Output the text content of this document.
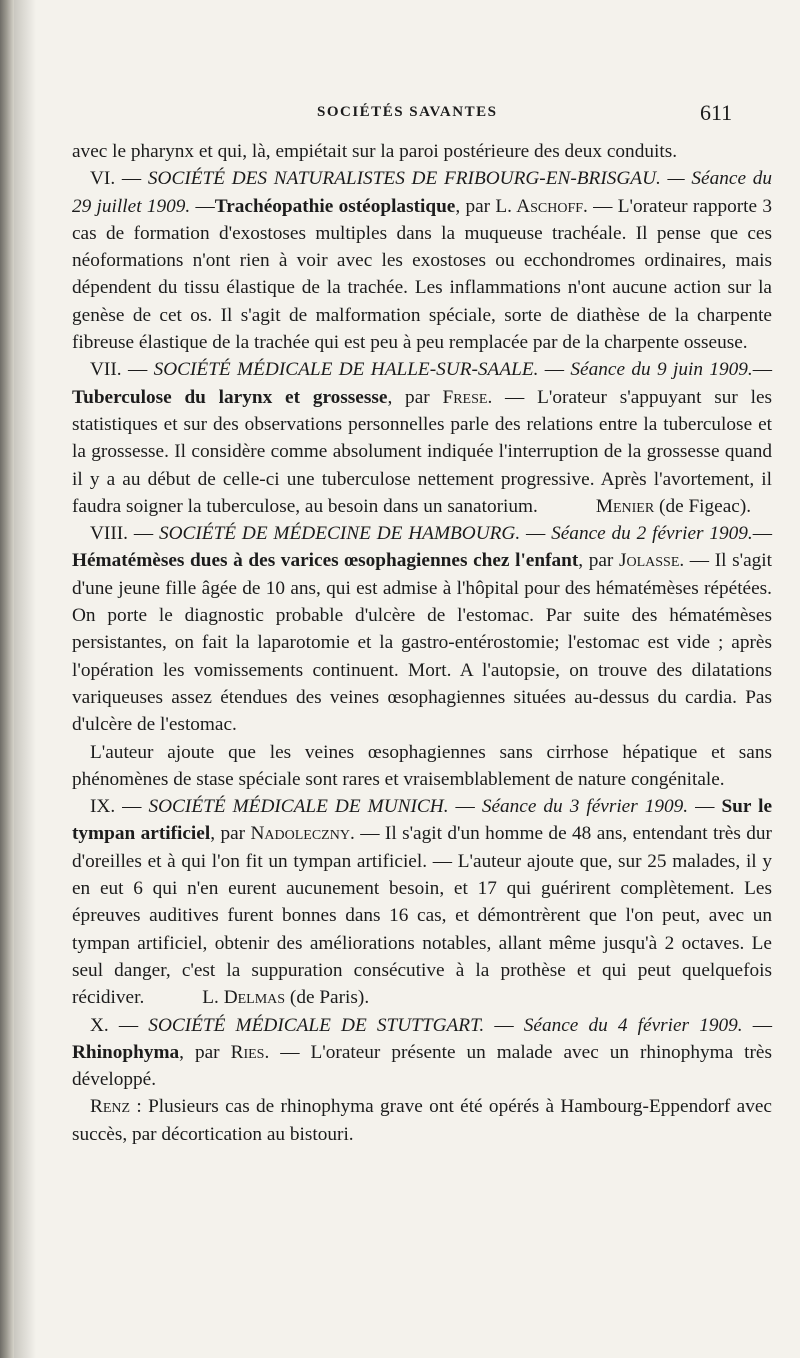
SOCIÉTÉS SAVANTES	611

avec le pharynx et qui, là, empiétait sur la paroi postérieure des deux conduits.

VI. — SOCIÉTÉ DES NATURALISTES DE FRIBOURG-EN-BRISGAU. — Séance du 29 juillet 1909. —Trachéopathie ostéoplastique, par L. Aschoff. — L'orateur rapporte 3 cas de formation d'exostoses multiples dans la muqueuse trachéale. Il pense que ces néoformations n'ont rien à voir avec les exostoses ou ecchondromes ordinaires, mais dépendent du tissu élastique de la trachée. Les inflammations n'ont aucune action sur la genèse de cet os. Il s'agit de malformation spéciale, sorte de diathèse de la charpente fibreuse élastique de la trachée qui est peu à peu remplacée par de la charpente osseuse.

VII. — SOCIÉTÉ MÉDICALE DE HALLE-SUR-SAALE. — Séance du 9 juin 1909.— Tuberculose du larynx et grossesse, par Frese. — L'orateur s'appuyant sur les statistiques et sur des observations personnelles parle des relations entre la tuberculose et la grossesse. Il considère comme absolument indiquée l'interruption de la grossesse quand il y a au début de celle-ci une tuberculose nettement progressive. Après l'avortement, il faudra soigner la tuberculose, au besoin dans un sanatorium.	Menier (de Figeac).

VIII. — SOCIÉTÉ DE MÉDECINE DE HAMBOURG. — Séance du 2 février 1909.— Hématémèses dues à des varices œsophagiennes chez l'enfant, par Jolasse. — Il s'agit d'une jeune fille âgée de 10 ans, qui est admise à l'hôpital pour des hématémèses répétées. On porte le diagnostic probable d'ulcère de l'estomac. Par suite des hématémèses persistantes, on fait la laparotomie et la gastro-entérostomie; l'estomac est vide ; après l'opération les vomissements continuent. Mort. A l'autopsie, on trouve des dilatations variqueuses assez étendues des veines œsophagiennes situées au-dessus du cardia. Pas d'ulcère de l'estomac.

L'auteur ajoute que les veines œsophagiennes sans cirrhose hépatique et sans phénomènes de stase spéciale sont rares et vraisemblablement de nature congénitale.

IX. — SOCIÉTÉ MÉDICALE DE MUNICH. — Séance du 3 février 1909. — Sur le tympan artificiel, par Nadoleczny. — Il s'agit d'un homme de 48 ans, entendant très dur d'oreilles et à qui l'on fit un tympan artificiel. — L'auteur ajoute que, sur 25 malades, il y en eut 6 qui n'en eurent aucunement besoin, et 17 qui guérirent complètement. Les épreuves auditives furent bonnes dans 16 cas, et démontrèrent que l'on peut, avec un tympan artificiel, obtenir des améliorations notables, allant même jusqu'à 2 octaves. Le seul danger, c'est la suppuration consécutive à la prothèse et qui peut quelquefois récidiver.	L. Delmas (de Paris).

X. — SOCIÉTÉ MÉDICALE DE STUTTGART. — Séance du 4 février 1909. — Rhinophyma, par Ries. — L'orateur présente un malade avec un rhinophyma très développé.

Renz : Plusieurs cas de rhinophyma grave ont été opérés à Hambourg-Eppendorf avec succès, par décortication au bistouri.
